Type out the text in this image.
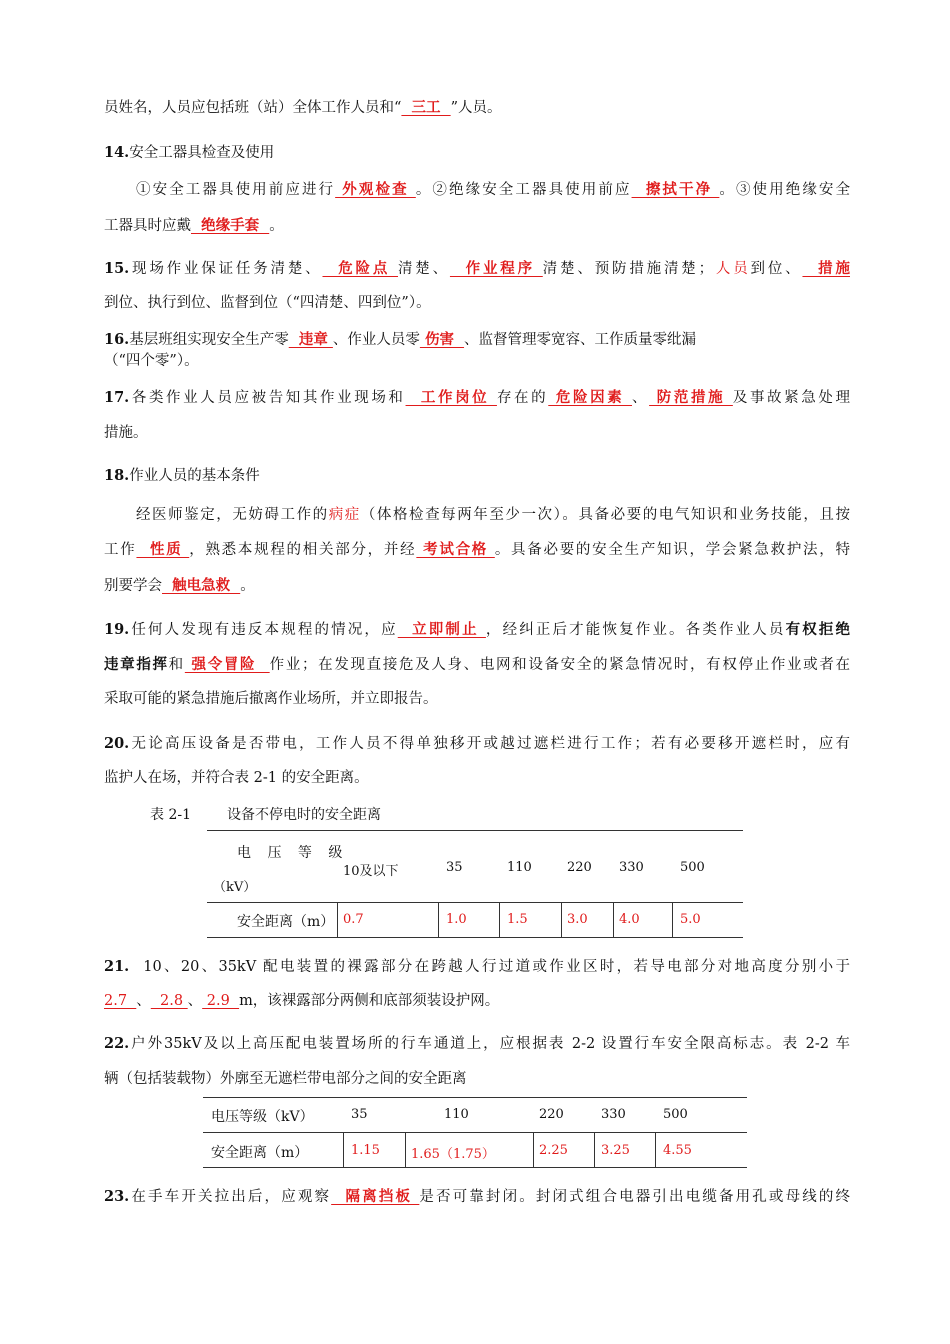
员姓名，人员应包括班（站）全体工作人员和“  三工  ”人员。
14.安全工器具检查及使用
①安全工器具使用前应进行 外观检查 。②绝缘安全工器具使用前应  擦拭干净 。③使用绝缘安全
工器具时应戴  绝缘手套  。
15.现场作业保证任务清楚、  危险点 清楚、  作业程序 清楚、预防措施清楚；人员到位、  措施
到位、执行到位、监督到位（“四清楚、四到位”）。
16.基层班组实现安全生产零  违章 、作业人员零 伤害  、监督管理零宽容、工作质量零纰漏
（“四个零”）。
17.各类作业人员应被告知其作业现场和  工作岗位 存在的 危险因素 、 防范措施 及事故紧急处理
措施。
18.作业人员的基本条件
经医师鉴定，无妨碍工作的病症（体格检查每两年至少一次）。具备必要的电气知识和业务技能，且按
工作  性质 ，熟悉本规程的相关部分，并经 考试合格 。具备必要的安全生产知识，学会紧急救护法，特
别要学会  触电急救  。
19.任何人发现有违反本规程的情况，应  立即制止 ，经纠正后才能恢复作业。各类作业人员有权拒绝
违章指挥和 强令冒险  作业；在发现直接危及人身、电网和设备安全的紧急情况时，有权停止作业或者在
采取可能的紧急措施后撤离作业场所，并立即报告。
20.无论高压设备是否带电，工作人员不得单独移开或越过遮栏进行工作；若有必要移开遮栏时，应有
监护人在场，并符合表 2-1 的安全距离。
表 2-1	设备不停电时的安全距离
电 压 等 级
（kV）
10及以下	35	110	220 330	500
安全距离（m） 0.7	1.0	1.5	3.0 4.0	5.0
21. 10、20、35kV 配电装置的裸露部分在跨越人行过道或作业区时，若导电部分对地高度分别小于
2.7  、  2.8 、 2.9  m，该裸露部分两侧和底部须装设护网。
22.户外35kV及以上高压配电装置场所的行车通道上，应根据表 2-2 设置行车安全限高标志。表 2-2 车
辆（包括装载物）外廓至无遮栏带电部分之间的安全距离
电压等级（kV）	35	110	220	330	500
安全距离（m）	1.15 1.65（1.75）	2.25	3.25	4.55
23.在手车开关拉出后，应观察  隔离挡板 是否可靠封闭。封闭式组合电器引出电缆备用孔或母线的终
